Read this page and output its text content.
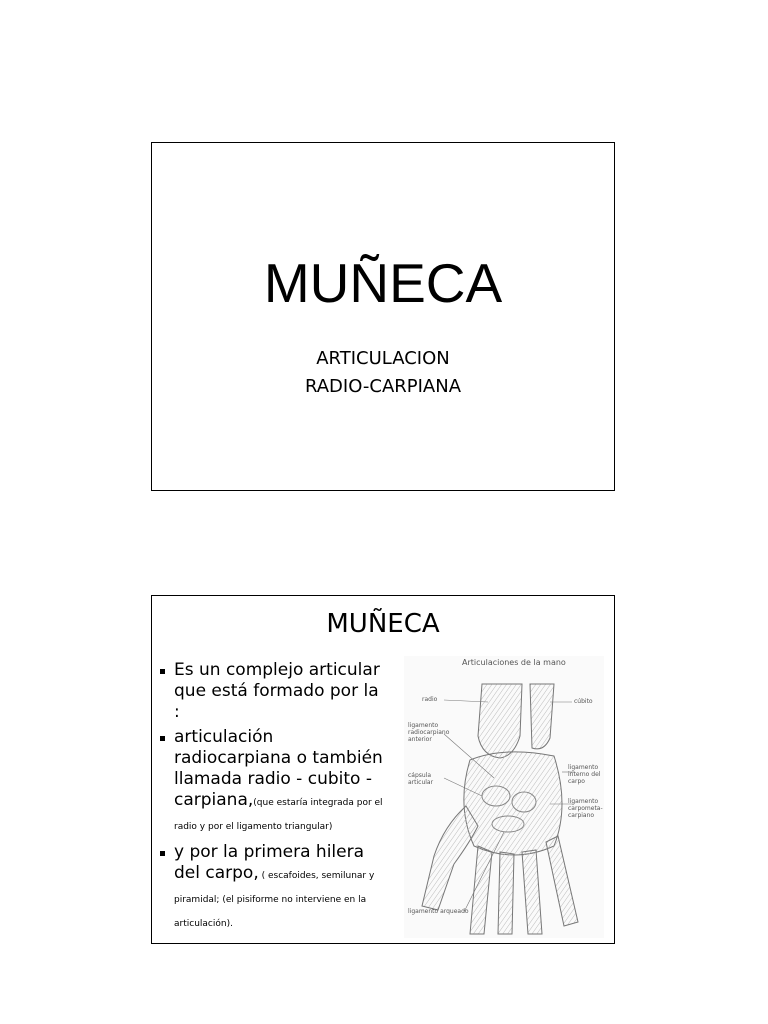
MUÑECA
ARTICULACION
RADIO-CARPIANA
MUÑECA
Es un complejo articular que está formado por la :
articulación radiocarpiana o también llamada radio - cubito - carpiana,(que estaría integrada por el radio y por el ligamento triangular)
y por la primera hilera del carpo, ( escafoides, semilunar y piramidal; (el pisiforme no interviene en la articulación).
Articulaciones de la mano
radio	cúbito
ligamento radiocarpiano anterior
cápsula articular
ligamento interno del carpo
ligamento carpometa-carpiano
ligamento arqueado
